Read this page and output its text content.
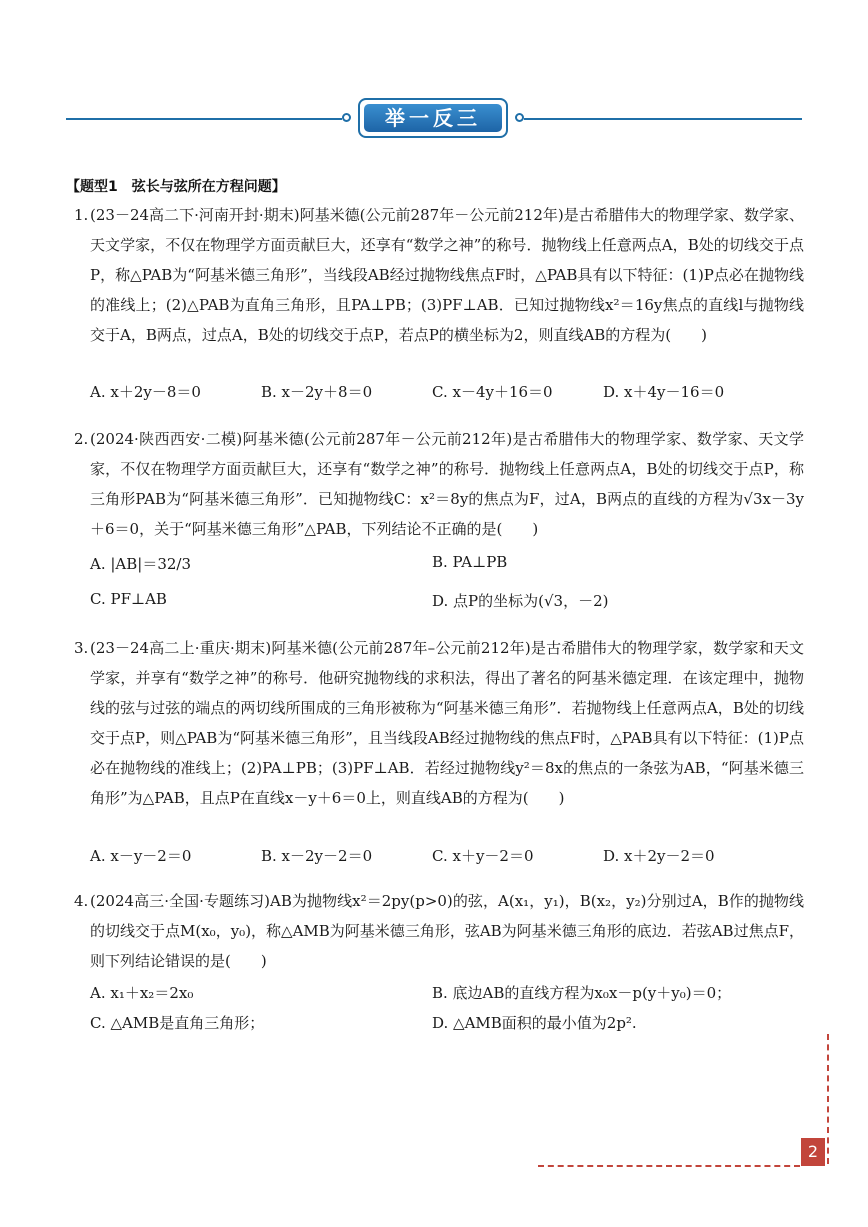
举一反三
【题型1　弦长与弦所在方程问题】
1. (23－24高二下·河南开封·期末)阿基米德(公元前287年－公元前212年)是古希腊伟大的物理学家、数学家、天文学家，不仅在物理学方面贡献巨大，还享有“数学之神”的称号．抛物线上任意两点A，B处的切线交于点P，称△PAB为“阿基米德三角形”，当线段AB经过抛物线焦点F时，△PAB具有以下特征：(1)P点必在抛物线的准线上；(2)△PAB为直角三角形，且PA⊥PB；(3)PF⊥AB．已知过抛物线x²＝16y焦点的直线l与抛物线交于A，B两点，过点A，B处的切线交于点P，若点P的横坐标为2，则直线AB的方程为(　　)
A. x＋2y－8＝0	B. x－2y＋8＝0	C. x－4y＋16＝0	D. x＋4y－16＝0
2. (2024·陕西西安·二模)阿基米德(公元前287年－公元前212年)是古希腊伟大的物理学家、数学家、天文学家，不仅在物理学方面贡献巨大，还享有“数学之神”的称号．抛物线上任意两点A，B处的切线交于点P，称三角形PAB为“阿基米德三角形”．已知抛物线C：x²＝8y的焦点为F，过A，B两点的直线的方程为√3x－3y＋6＝0，关于“阿基米德三角形”△PAB，下列结论不正确的是(　　)
A. |AB|＝32/3	B. PA⊥PB
C. PF⊥AB	D. 点P的坐标为(√3，－2)
3. (23－24高二上·重庆·期末)阿基米德(公元前287年–公元前212年)是古希腊伟大的物理学家，数学家和天文学家，并享有“数学之神”的称号．他研究抛物线的求积法，得出了著名的阿基米德定理．在该定理中，抛物线的弦与过弦的端点的两切线所围成的三角形被称为“阿基米德三角形”．若抛物线上任意两点A，B处的切线交于点P，则△PAB为“阿基米德三角形”，且当线段AB经过抛物线的焦点F时，△PAB具有以下特征：(1)P点必在抛物线的准线上；(2)PA⊥PB；(3)PF⊥AB．若经过抛物线y²＝8x的焦点的一条弦为AB，“阿基米德三角形”为△PAB，且点P在直线x－y＋6＝0上，则直线AB的方程为(　　)
A. x－y－2＝0	B. x－2y－2＝0	C. x＋y－2＝0	D. x＋2y－2＝0
4. (2024高三·全国·专题练习)AB为抛物线x²＝2py(p>0)的弦，A(x₁，y₁)，B(x₂，y₂)分别过A，B作的抛物线的切线交于点M(x₀，y₀)，称△AMB为阿基米德三角形，弦AB为阿基米德三角形的底边．若弦AB过焦点F，则下列结论错误的是(　　)
A. x₁＋x₂＝2x₀	B. 底边AB的直线方程为x₀x－p(y＋y₀)＝0；
C. △AMB是直角三角形；	D. △AMB面积的最小值为2p².
2
